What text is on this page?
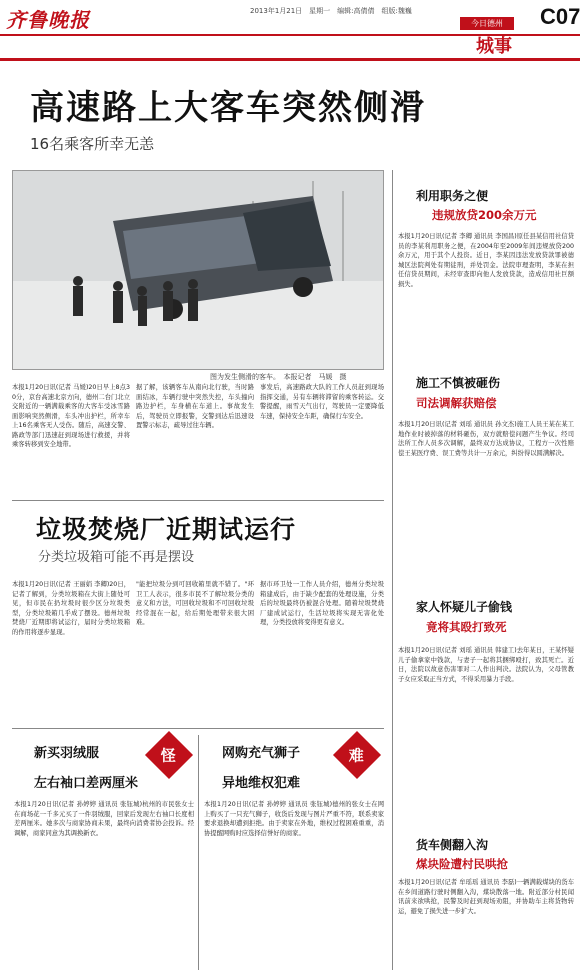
齐鲁晚报	2013年1月21日　星期一　编辑:高倩倩　组版:魏巍
今日德州	C07
城事
高速路上大客车突然侧滑
16名乘客所幸无恙
图为发生侧滑的客车。　本报记者　马媛　摄
本报1月20日讯(记者 马媛)20日早上8点30分，京台高速北京方向，德州二台门北立交附近的一辆满载乘客的大客车受冰雪路面影响突然侧滑，车头冲出护栏，所幸车上16名乘客无人受伤。随后，高速交警、路政等部门迅速赶到现场进行救援，并将乘客转移到安全地带。
据了解，该辆客车从南向北行驶，当时路面结冰，车辆行驶中突然失控，车头撞向路边护栏，车身横在车道上。事故发生后，驾驶员立即报警，交警到达后迅速设置警示标志，疏导过往车辆。
事发后，高速路政大队的工作人员赶到现场指挥交通，另有车辆将滞留的乘客转运。交警提醒，雨雪天气出行，驾驶员一定要降低车速，保持安全车距，确保行车安全。
利用职务之便
违规放贷200余万元
本报1月20日讯(记者 李卿 通讯员 李国昌)原任县某信用社信贷员的李某利用职务之便，在2004年至2009年间违规放贷200余万元，用于其个人投资。近日，李某因违法发放贷款罪被德城区法院判处有期徒刑，并处罚金。法院审理查明，李某在担任信贷员期间，未经审查即向他人发放贷款，造成信用社巨额损失。
施工不慎被砸伤
司法调解获赔偿
本报1月20日讯(记者 刘瑶 通讯员 孙文杰)施工人员王某在某工地作业时被掉落的材料砸伤，双方就赔偿问题产生争议。经司法所工作人员多次调解，最终双方达成协议，工程方一次性赔偿王某医疗费、误工费等共计一万余元，纠纷得以圆满解决。
家人怀疑儿子偷钱
竟将其殴打致死
本报1月20日讯(记者 刘瑶 通讯员 韩建工)去年某日，王某怀疑儿子偷拿家中钱款，与妻子一起将其捆绑殴打，致其死亡。近日，法院以故意伤害罪对二人作出判决。法院认为，父母管教子女应采取正当方式，不得采用暴力手段。
货车侧翻入沟
煤块险遭村民哄抢
本报1月20日讯(记者 牟瑶瑶 通讯员 李磊)一辆满载煤块的货车在乡间道路行驶时侧翻入沟，煤块散落一地。附近部分村民闻讯前来欲哄抢，民警及时赶到现场劝阻，并协助车主将货物转运，避免了损失进一步扩大。
垃圾焚烧厂近期试运行
分类垃圾箱可能不再是摆设
本报1月20日讯(记者 王丽娟 李卿)20日，记者了解到，分类垃圾箱在大街上随处可见，但市民在扔垃圾时很少区分垃圾类型，分类垃圾箱几乎成了摆设。德州垃圾焚烧厂近期即将试运行，届时分类垃圾箱的作用将逐步显现。
"能把垃圾分到可回收箱里就不错了。"环卫工人表示，很多市民不了解垃圾分类的意义和方法，可回收垃圾和不可回收垃圾经常混在一起，给后期处理带来很大困难。
据市环卫处一工作人员介绍，德州分类垃圾箱建成后，由于缺少配套的处理设施，分类后的垃圾最终仍被混合处理。随着垃圾焚烧厂建成试运行，生活垃圾将实现无害化处理，分类投放将变得更有意义。
新买羽绒服	怪
左右袖口差两厘米
本报1月20日讯(记者 孙婷婷 通讯员 张钰城)杭州的市民张女士在商场花一千多元买了一件羽绒服，回家后发现左右袖口长度相差两厘米。她多次与商家协商未果，最终向消费者协会投诉。经调解，商家同意为其调换新衣。
网购充气狮子	难
异地维权犯难
本报1月20日讯(记者 孙婷婷 通讯员 张钰城)德州的张女士在网上购买了一只充气狮子，收货后发现与图片严重不符，联系卖家要求退换却遭到拒绝。由于卖家在外地，维权过程困难重重，消协提醒网购时应选择信誉好的商家。
